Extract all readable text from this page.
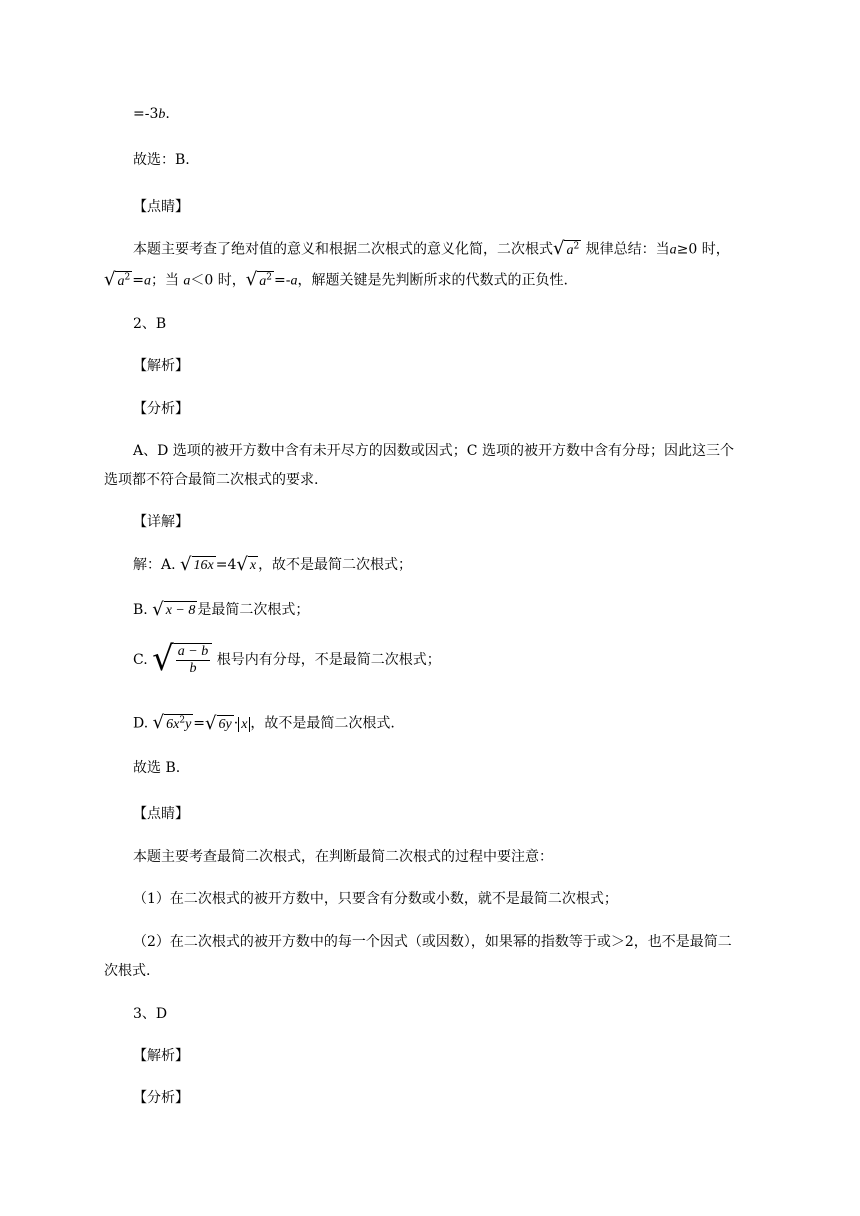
=-3b.
故选：B.
【点睛】
本题主要考查了绝对值的意义和根据二次根式的意义化简，二次根式√ $a^2$ 规律总结：当a≥0 时，
√ $a^2 =a$；当 a＜0 时，√ $a^2 =-a$，解题关键是先判断所求的代数式的正负性.
2、B
【解析】
【分析】
A、D 选项的被开方数中含有未开尽方的因数或因式；C 选项的被开方数中含有分母；因此这三个
选项都不符合最简二次根式的要求.
【详解】
解：A. √ 16x =4√ x ，故不是最简二次根式；
B. √ x − 8 是最简二次根式；
C. √ $\frac{a - b}{b}$ 根号内有分母，不是最简二次根式；
D. √ $6x^2y$ =√ 6y · x ，故不是最简二次根式.
故选 B.
【点睛】
本题主要考查最简二次根式，在判断最简二次根式的过程中要注意：
（1）在二次根式的被开方数中，只要含有分数或小数，就不是最简二次根式；
（2）在二次根式的被开方数中的每一个因式（或因数），如果幂的指数等于或＞2，也不是最简二
次根式.
3、D
【解析】
【分析】
